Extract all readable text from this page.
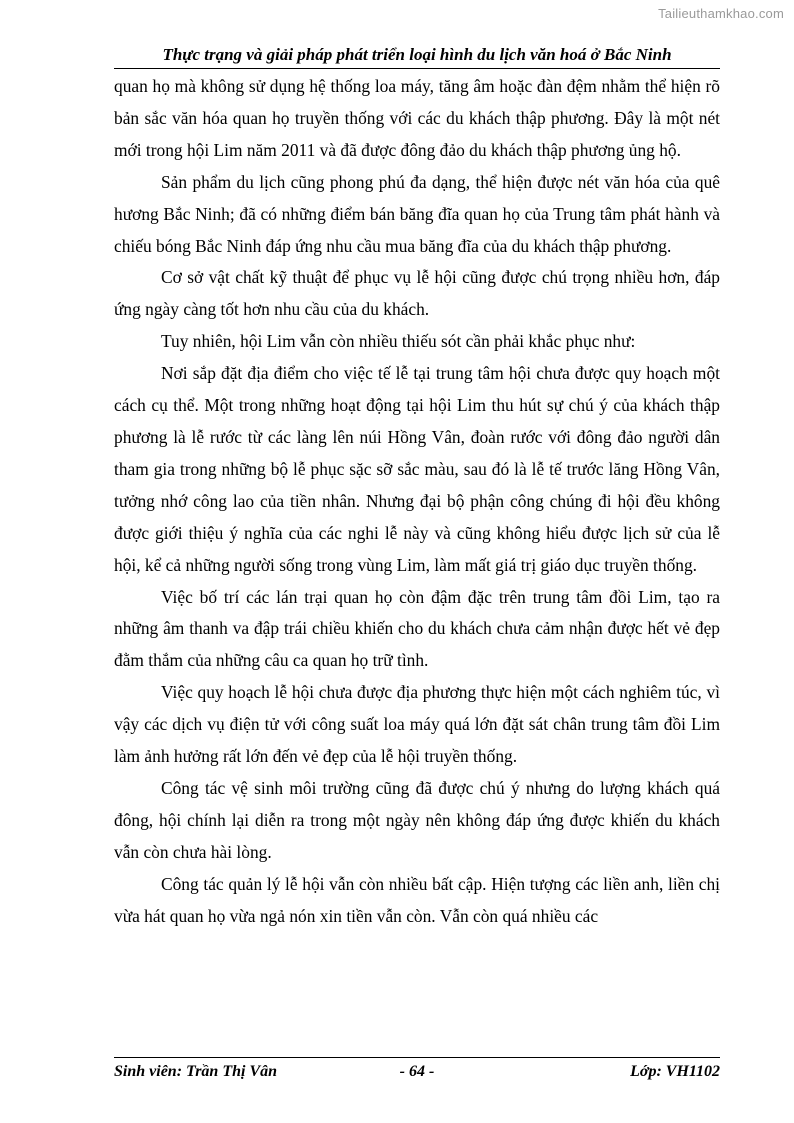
Tailieuthamkhao.com
Thực trạng và giải pháp phát triển loại hình du lịch văn hoá ở Bắc Ninh

quan họ mà không sử dụng hệ thống loa máy, tăng âm hoặc đàn đệm nhằm thể hiện rõ bản sắc văn hóa quan họ truyền thống với các du khách thập phương. Đây là một nét mới trong hội Lim năm 2011 và đã được đông đảo du khách thập phương ủng hộ.

Sản phẩm du lịch cũng phong phú đa dạng, thể hiện được nét văn hóa của quê hương Bắc Ninh; đã có những điểm bán băng đĩa quan họ của Trung tâm phát hành và chiếu bóng Bắc Ninh đáp ứng nhu cầu mua băng đĩa của du khách thập phương.

Cơ sở vật chất kỹ thuật để phục vụ lễ hội cũng được chú trọng nhiều hơn, đáp ứng ngày càng tốt hơn nhu cầu của du khách.

Tuy nhiên, hội Lim vẫn còn nhiều thiếu sót cần phải khắc phục như:

Nơi sắp đặt địa điểm cho việc tế lễ tại trung tâm hội chưa được quy hoạch một cách cụ thể. Một trong những hoạt động tại hội Lim thu hút sự chú ý của khách thập phương là lễ rước từ các làng lên núi Hồng Vân, đoàn rước với đông đảo người dân tham gia trong những bộ lễ phục sặc sỡ sắc màu, sau đó là lễ tế trước lăng Hồng Vân, tưởng nhớ công lao của tiền nhân. Nhưng đại bộ phận công chúng đi hội đều không được giới thiệu ý nghĩa của các nghi lễ này và cũng không hiểu được lịch sử của lễ hội, kể cả những người sống trong vùng Lim, làm mất giá trị giáo dục truyền thống.

Việc bố trí các lán trại quan họ còn đậm đặc trên trung tâm đồi Lim, tạo ra những âm thanh va đập trái chiều khiến cho du khách chưa cảm nhận được hết vẻ đẹp đằm thắm của những câu ca quan họ trữ tình.

Việc quy hoạch lễ hội chưa được địa phương thực hiện một cách nghiêm túc, vì vậy các dịch vụ điện tử với công suất loa máy quá lớn đặt sát chân trung tâm đồi Lim làm ảnh hưởng rất lớn đến vẻ đẹp của lễ hội truyền thống.

Công tác vệ sinh môi trường cũng đã được chú ý nhưng do lượng khách quá đông, hội chính lại diễn ra trong một ngày nên không đáp ứng được khiến du khách vẫn còn chưa hài lòng.

Công tác quản lý lễ hội vẫn còn nhiều bất cập. Hiện tượng các liền anh, liền chị vừa hát quan họ vừa ngả nón xin tiền vẫn còn. Vẫn còn quá nhiều các

- 64 -
Sinh viên: Trần Thị Vân	Lớp: VH1102
